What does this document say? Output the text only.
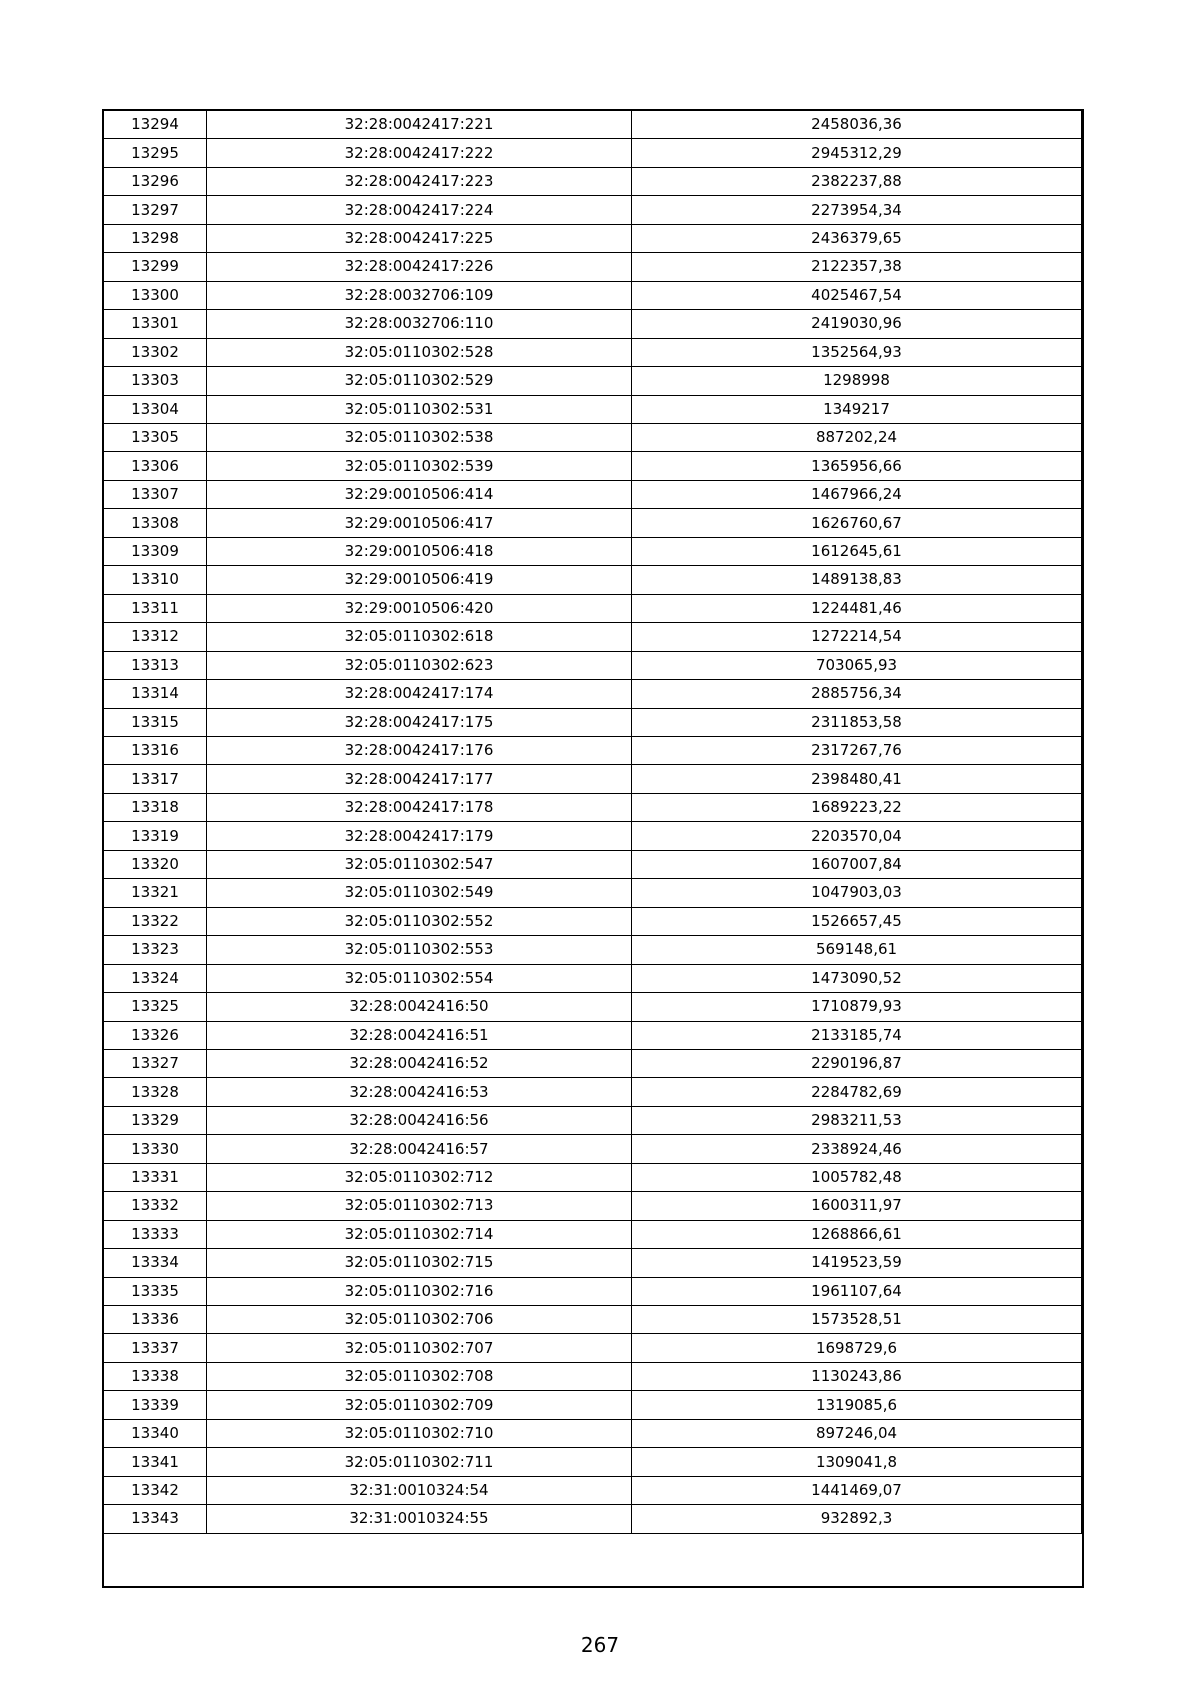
13294	32:28:0042417:221	2458036,36
13295	32:28:0042417:222	2945312,29
13296	32:28:0042417:223	2382237,88
13297	32:28:0042417:224	2273954,34
13298	32:28:0042417:225	2436379,65
13299	32:28:0042417:226	2122357,38
13300	32:28:0032706:109	4025467,54
13301	32:28:0032706:110	2419030,96
13302	32:05:0110302:528	1352564,93
13303	32:05:0110302:529	1298998
13304	32:05:0110302:531	1349217
13305	32:05:0110302:538	887202,24
13306	32:05:0110302:539	1365956,66
13307	32:29:0010506:414	1467966,24
13308	32:29:0010506:417	1626760,67
13309	32:29:0010506:418	1612645,61
13310	32:29:0010506:419	1489138,83
13311	32:29:0010506:420	1224481,46
13312	32:05:0110302:618	1272214,54
13313	32:05:0110302:623	703065,93
13314	32:28:0042417:174	2885756,34
13315	32:28:0042417:175	2311853,58
13316	32:28:0042417:176	2317267,76
13317	32:28:0042417:177	2398480,41
13318	32:28:0042417:178	1689223,22
13319	32:28:0042417:179	2203570,04
13320	32:05:0110302:547	1607007,84
13321	32:05:0110302:549	1047903,03
13322	32:05:0110302:552	1526657,45
13323	32:05:0110302:553	569148,61
13324	32:05:0110302:554	1473090,52
13325	32:28:0042416:50	1710879,93
13326	32:28:0042416:51	2133185,74
13327	32:28:0042416:52	2290196,87
13328	32:28:0042416:53	2284782,69
13329	32:28:0042416:56	2983211,53
13330	32:28:0042416:57	2338924,46
13331	32:05:0110302:712	1005782,48
13332	32:05:0110302:713	1600311,97
13333	32:05:0110302:714	1268866,61
13334	32:05:0110302:715	1419523,59
13335	32:05:0110302:716	1961107,64
13336	32:05:0110302:706	1573528,51
13337	32:05:0110302:707	1698729,6
13338	32:05:0110302:708	1130243,86
13339	32:05:0110302:709	1319085,6
13340	32:05:0110302:710	897246,04
13341	32:05:0110302:711	1309041,8
13342	32:31:0010324:54	1441469,07
13343	32:31:0010324:55	932892,3
267
